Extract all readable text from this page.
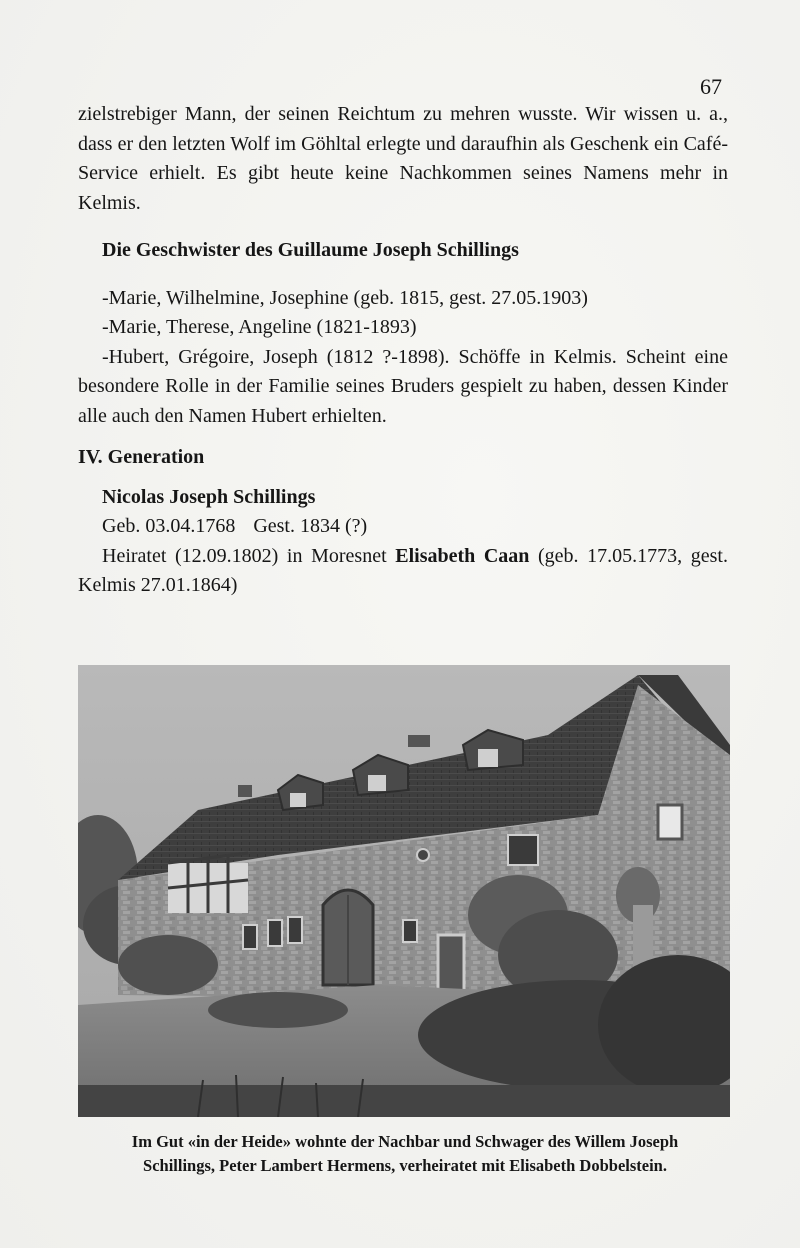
67

zielstrebiger Mann, der seinen Reichtum zu mehren wusste. Wir wissen u. a., dass er den letzten Wolf im Göhltal erlegte und daraufhin als Geschenk ein Café-Service erhielt. Es gibt heute keine Nachkommen seines Namens mehr in Kelmis.

Die Geschwister des Guillaume Joseph Schillings

-Marie, Wilhelmine, Josephine (geb. 1815, gest. 27.05.1903)

-Marie, Therese, Angeline (1821-1893)

-Hubert, Grégoire, Joseph (1812 ?-1898). Schöffe in Kelmis. Scheint eine besondere Rolle in der Familie seines Bruders gespielt zu haben, dessen Kinder alle auch den Namen Hubert erhielten.

IV. Generation

Nicolas Joseph Schillings

Geb. 03.04.1768 Gest. 1834 (?)

Heiratet (12.09.1802) in Moresnet Elisabeth Caan (geb. 17.05.1773, gest. Kelmis 27.01.1864)

Im Gut «in der Heide» wohnte der Nachbar und Schwager des Willem Joseph
Schillings, Peter Lambert Hermens, verheiratet mit Elisabeth Dobbelstein.
